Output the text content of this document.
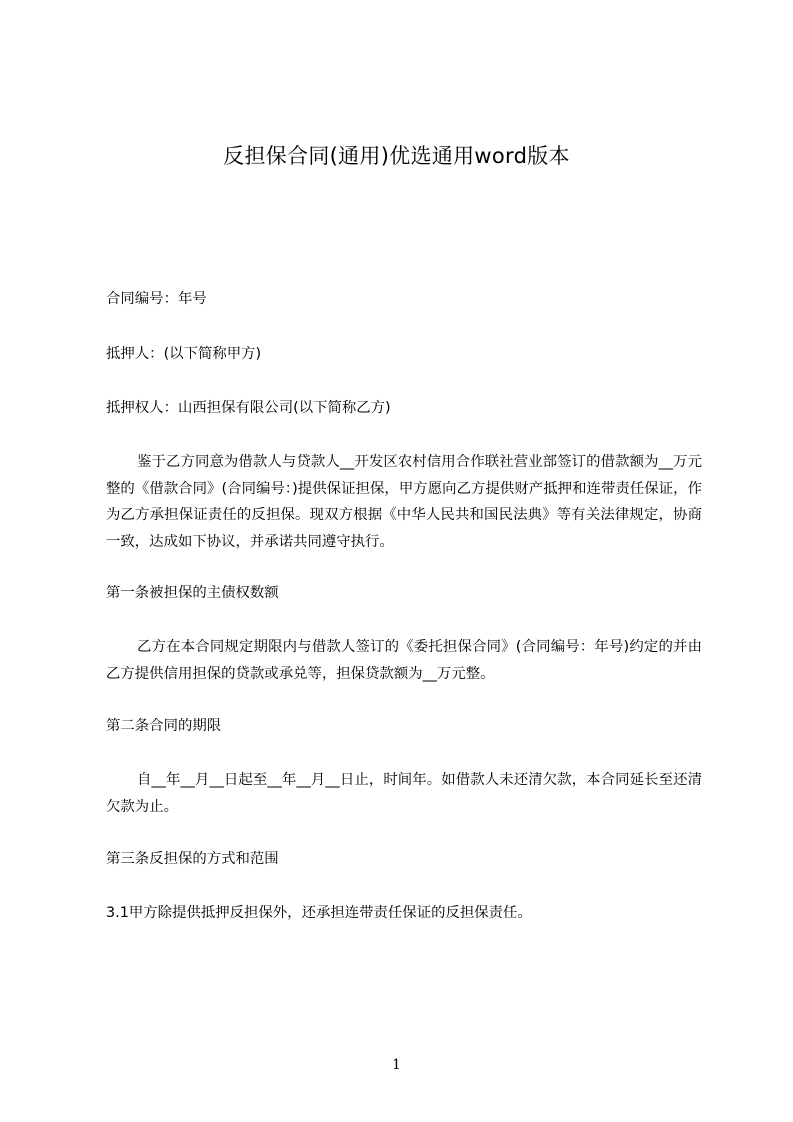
反担保合同(通用)优选通用word版本

合同编号：年号

抵押人：(以下简称甲方)

抵押权人：山西担保有限公司(以下简称乙方)

鉴于乙方同意为借款人与贷款人__开发区农村信用合作联社营业部签订的借款额为__万元整的《借款合同》(合同编号：)提供保证担保，甲方愿向乙方提供财产抵押和连带责任保证，作为乙方承担保证责任的反担保。现双方根据《中华人民共和国民法典》等有关法律规定，协商一致，达成如下协议，并承诺共同遵守执行。

第一条被担保的主债权数额

乙方在本合同规定期限内与借款人签订的《委托担保合同》(合同编号：年号)约定的并由乙方提供信用担保的贷款或承兑等，担保贷款额为__万元整。

第二条合同的期限

自__年__月__日起至__年__月__日止，时间年。如借款人未还清欠款，本合同延长至还清欠款为止。

第三条反担保的方式和范围

3.1甲方除提供抵押反担保外，还承担连带责任保证的反担保责任。

1
